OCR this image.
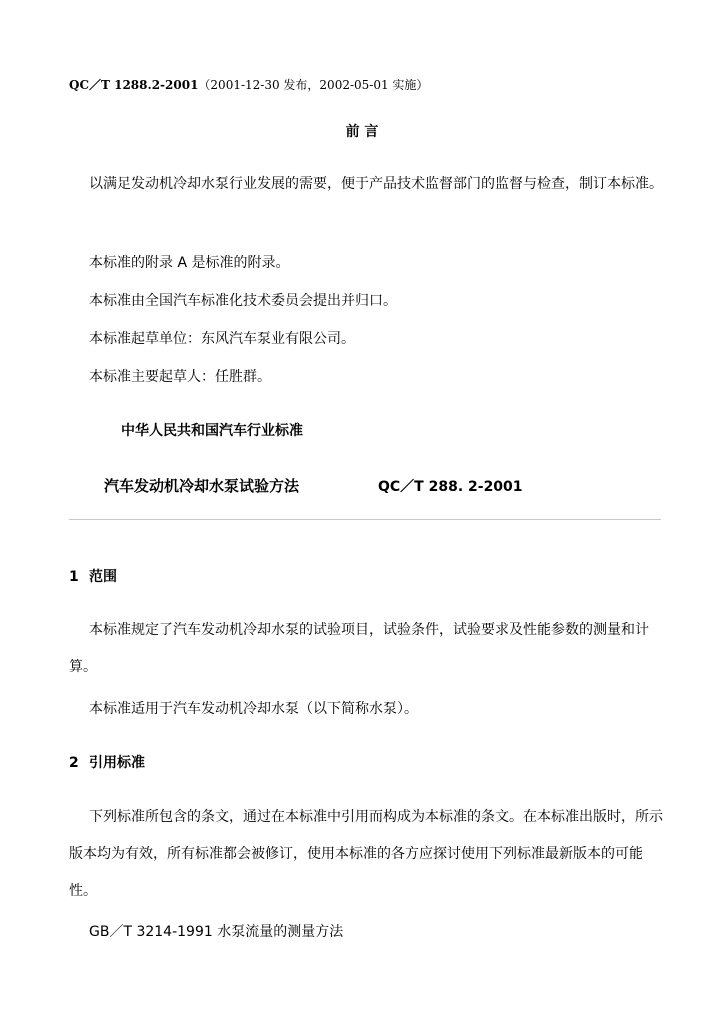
QC／T 1288.2-2001（2001-12-30 发布，2002-05-01 实施）
前 言
以满足发动机冷却水泵行业发展的需要，便于产品技术监督部门的监督与检查，制订本标准。
本标准的附录 A 是标准的附录。
本标准由全国汽车标准化技术委员会提出并归口。
本标准起草单位：东风汽车泵业有限公司。
本标准主要起草人：任胜群。
中华人民共和国汽车行业标准
汽车发动机冷却水泵试验方法	QC／T 288. 2-2001
1 范围
本标准规定了汽车发动机冷却水泵的试验项目，试验条件，试验要求及性能参数的测量和计算。
本标准适用于汽车发动机冷却水泵（以下简称水泵）。
2 引用标准
下列标准所包含的条文，通过在本标准中引用而构成为本标准的条文。在本标准出版时，所示版本均为有效，所有标准都会被修订，使用本标准的各方应探讨使用下列标准最新版本的可能性。
GB／T 3214-1991 水泵流量的测量方法
